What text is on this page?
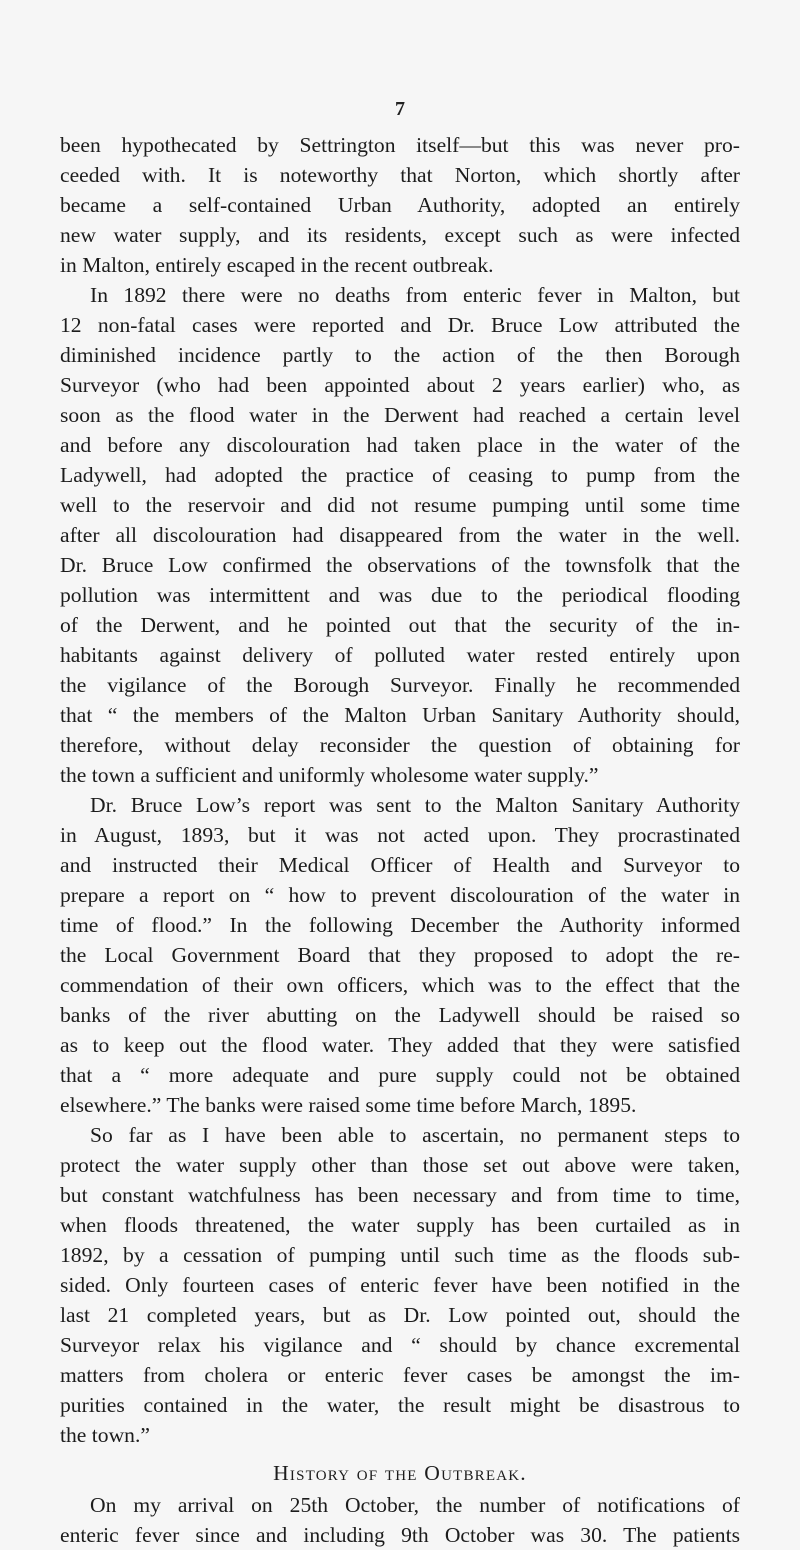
7
been hypothecated by Settrington itself—but this was never pro-
ceeded with. It is noteworthy that Norton, which shortly after
became a self-contained Urban Authority, adopted an entirely
new water supply, and its residents, except such as were infected
in Malton, entirely escaped in the recent outbreak.
In 1892 there were no deaths from enteric fever in Malton, but
12 non-fatal cases were reported and Dr. Bruce Low attributed the
diminished incidence partly to the action of the then Borough
Surveyor (who had been appointed about 2 years earlier) who, as
soon as the flood water in the Derwent had reached a certain level
and before any discolouration had taken place in the water of the
Ladywell, had adopted the practice of ceasing to pump from the
well to the reservoir and did not resume pumping until some time
after all discolouration had disappeared from the water in the well.
Dr. Bruce Low confirmed the observations of the townsfolk that the
pollution was intermittent and was due to the periodical flooding
of the Derwent, and he pointed out that the security of the in-
habitants against delivery of polluted water rested entirely upon
the vigilance of the Borough Surveyor. Finally he recommended
that “ the members of the Malton Urban Sanitary Authority should,
therefore, without delay reconsider the question of obtaining for
the town a sufficient and uniformly wholesome water supply.”
Dr. Bruce Low’s report was sent to the Malton Sanitary Authority
in August, 1893, but it was not acted upon. They procrastinated
and instructed their Medical Officer of Health and Surveyor to
prepare a report on “ how to prevent discolouration of the water in
time of flood.” In the following December the Authority informed
the Local Government Board that they proposed to adopt the re-
commendation of their own officers, which was to the effect that the
banks of the river abutting on the Ladywell should be raised so
as to keep out the flood water. They added that they were satisfied
that a “ more adequate and pure supply could not be obtained
elsewhere.” The banks were raised some time before March, 1895.
So far as I have been able to ascertain, no permanent steps to
protect the water supply other than those set out above were taken,
but constant watchfulness has been necessary and from time to time,
when floods threatened, the water supply has been curtailed as in
1892, by a cessation of pumping until such time as the floods sub-
sided. Only fourteen cases of enteric fever have been notified in the
last 21 completed years, but as Dr. Low pointed out, should the
Surveyor relax his vigilance and “ should by chance excremental
matters from cholera or enteric fever cases be amongst the im-
purities contained in the water, the result might be disastrous to
the town.”
History of the Outbreak.
On my arrival on 25th October, the number of notifications of
enteric fever since and including 9th October was 30. The patients
